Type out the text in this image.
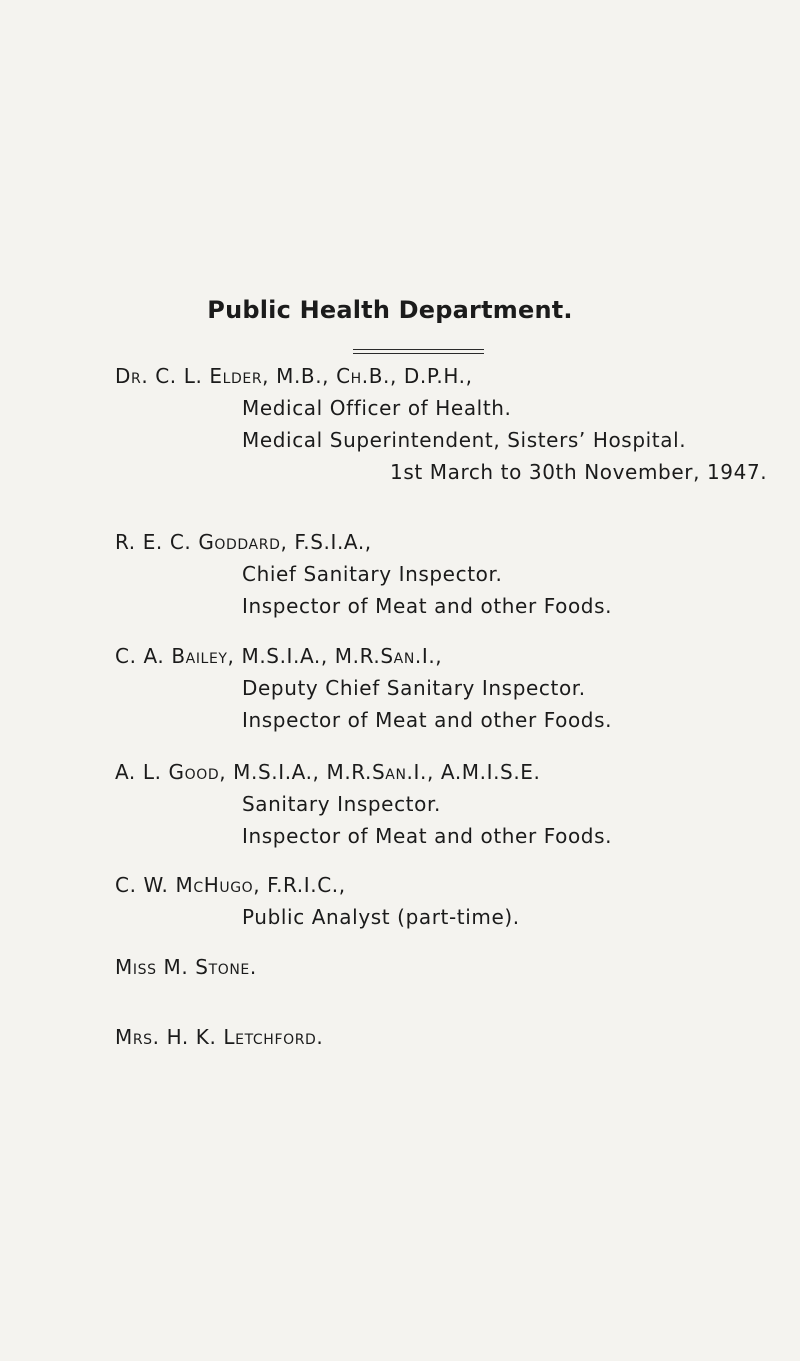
Public Health Department.
Dr. C. L. Elder, M.B., Ch.B., D.P.H.,
Medical Officer of Health.
Medical Superintendent, Sisters’ Hospital.
1st March to 30th November, 1947.
R. E. C. Goddard, F.S.I.A.,
Chief Sanitary Inspector.
Inspector of Meat and other Foods.
C. A. Bailey, M.S.I.A., M.R.San.I.,
Deputy Chief Sanitary Inspector.
Inspector of Meat and other Foods.
A. L. Good, M.S.I.A., M.R.San.I., A.M.I.S.E.
Sanitary Inspector.
Inspector of Meat and other Foods.
C. W. McHugo, F.R.I.C.,
Public Analyst (part-time).
Miss M. Stone.
Mrs. H. K. Letchford.
